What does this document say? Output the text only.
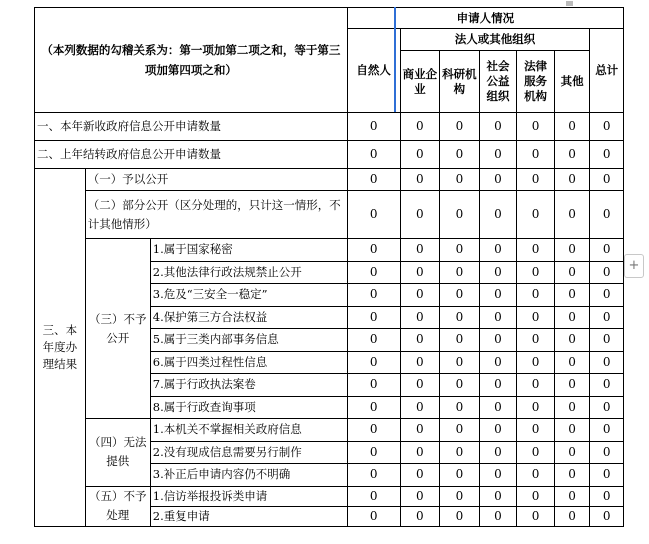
（本列数据的勾稽关系为：第一项加第二项之和，等于第三项加第四项之和）			申请人情况						
			自然人	法人或其他组织					总计
				商业企业	科研机构	社会公益组织	法律服务机构	其他	
一、本年新收政府信息公开申请数量			0	0	0	0	0	0	0
二、上年结转政府信息公开申请数量			0	0	0	0	0	0	0
三、本年度办理结果	（一）予以公开		0	0	0	0	0	0	0
	（二）部分公开（区分处理的，只计这一情形，不计其他情形）		0	0	0	0	0	0	0
	（三）不予公开	1.属于国家秘密	0	0	0	0	0	0	0
		2.其他法律行政法规禁止公开	0	0	0	0	0	0	0
		3.危及“三安全一稳定”	0	0	0	0	0	0	0
		4.保护第三方合法权益	0	0	0	0	0	0	0
		5.属于三类内部事务信息	0	0	0	0	0	0	0
		6.属于四类过程性信息	0	0	0	0	0	0	0
		7.属于行政执法案卷	0	0	0	0	0	0	0
		8.属于行政查询事项	0	0	0	0	0	0	0
	（四）无法提供	1.本机关不掌握相关政府信息	0	0	0	0	0	0	0
		2.没有现成信息需要另行制作	0	0	0	0	0	0	0
		3.补正后申请内容仍不明确	0	0	0	0	0	0	0
	（五）不予处理	1.信访举报投诉类申请	0	0	0	0	0	0	0
		2.重复申请	0	0	0	0	0	0	0
+
